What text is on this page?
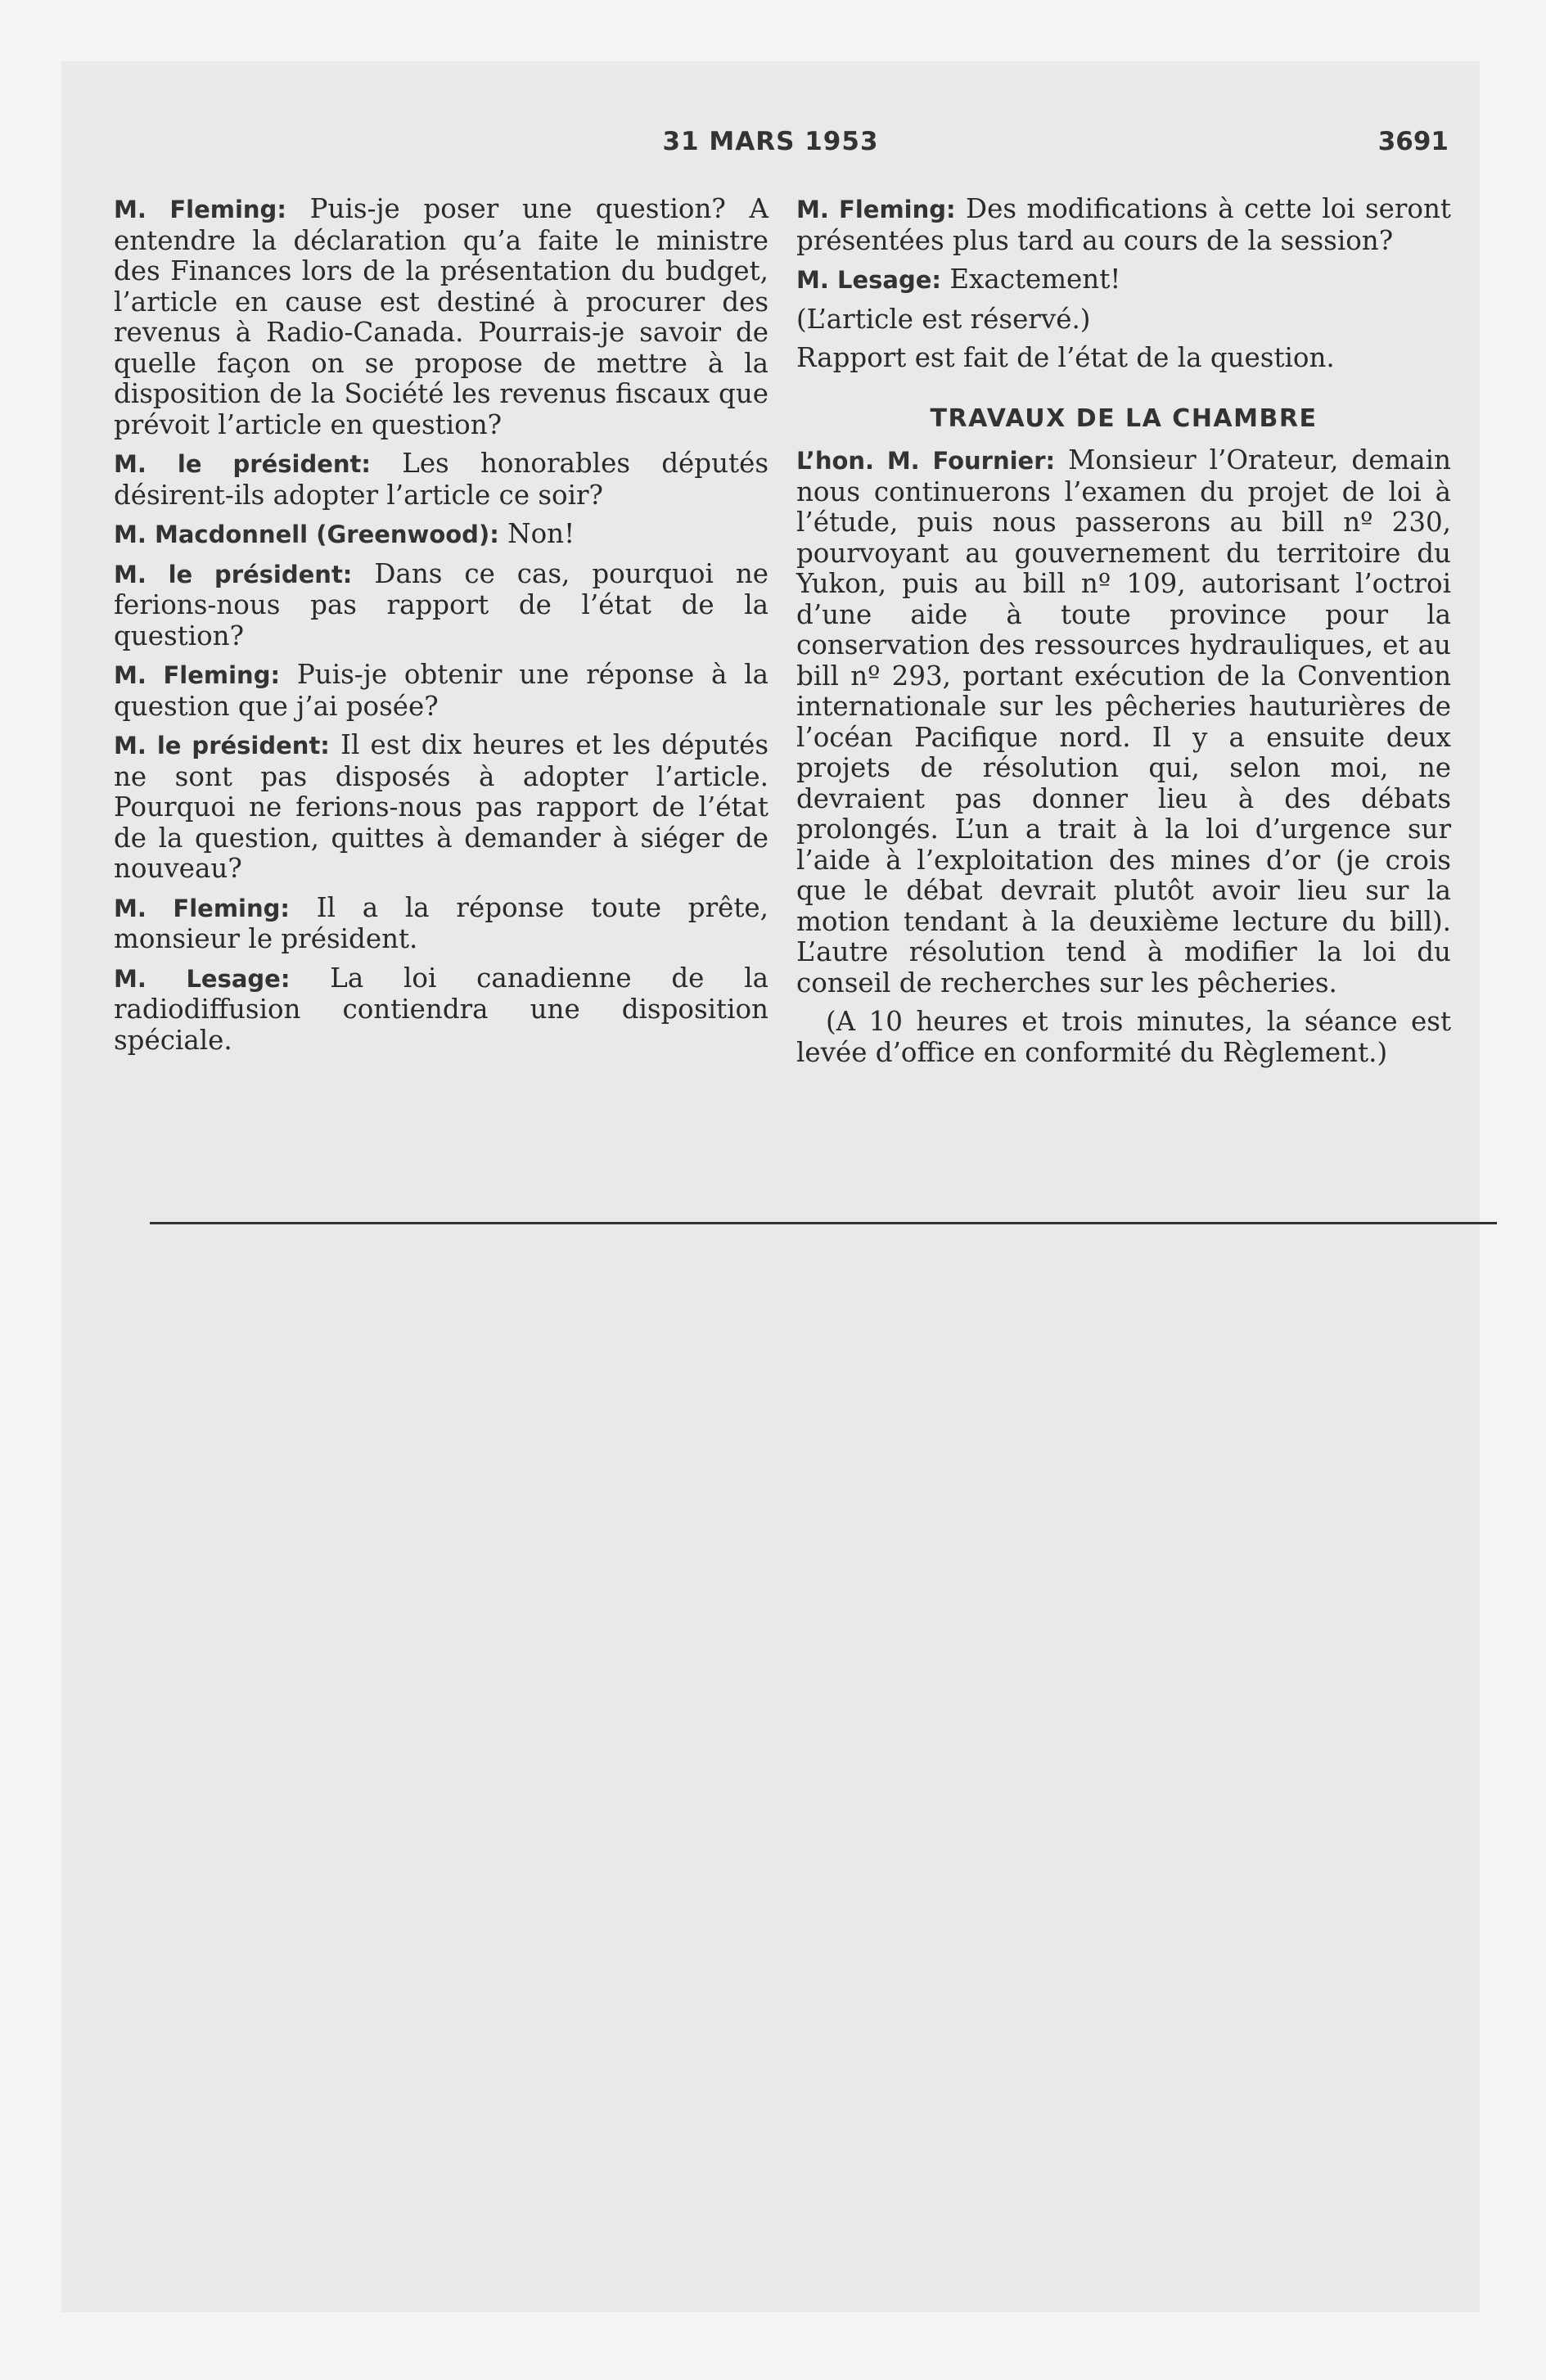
31 MARS 1953	3691

M. Fleming: Puis-je poser une question? A entendre la déclaration qu’a faite le ministre des Finances lors de la présentation du budget, l’article en cause est destiné à procurer des revenus à Radio-Canada. Pourrais-je savoir de quelle façon on se propose de mettre à la disposition de la Société les revenus fiscaux que prévoit l’article en question?

M. le président: Les honorables députés désirent-ils adopter l’article ce soir?

M. Macdonnell (Greenwood): Non!

M. le président: Dans ce cas, pourquoi ne ferions-nous pas rapport de l’état de la question?

M. Fleming: Puis-je obtenir une réponse à la question que j’ai posée?

M. le président: Il est dix heures et les députés ne sont pas disposés à adopter l’article. Pourquoi ne ferions-nous pas rapport de l’état de la question, quittes à demander à siéger de nouveau?

M. Fleming: Il a la réponse toute prête, monsieur le président.

M. Lesage: La loi canadienne de la radiodiffusion contiendra une disposition spéciale.

M. Fleming: Des modifications à cette loi seront présentées plus tard au cours de la session?

M. Lesage: Exactement!

(L’article est réservé.)

Rapport est fait de l’état de la question.

TRAVAUX DE LA CHAMBRE

L’hon. M. Fournier: Monsieur l’Orateur, demain nous continuerons l’examen du projet de loi à l’étude, puis nous passerons au bill nº 230, pourvoyant au gouvernement du territoire du Yukon, puis au bill nº 109, autorisant l’octroi d’une aide à toute province pour la conservation des ressources hydrauliques, et au bill nº 293, portant exécution de la Convention internationale sur les pêcheries hauturières de l’océan Pacifique nord. Il y a ensuite deux projets de résolution qui, selon moi, ne devraient pas donner lieu à des débats prolongés. L’un a trait à la loi d’urgence sur l’aide à l’exploitation des mines d’or (je crois que le débat devrait plutôt avoir lieu sur la motion tendant à la deuxième lecture du bill). L’autre résolution tend à modifier la loi du conseil de recherches sur les pêcheries.

(A 10 heures et trois minutes, la séance est levée d’office en conformité du Règlement.)
